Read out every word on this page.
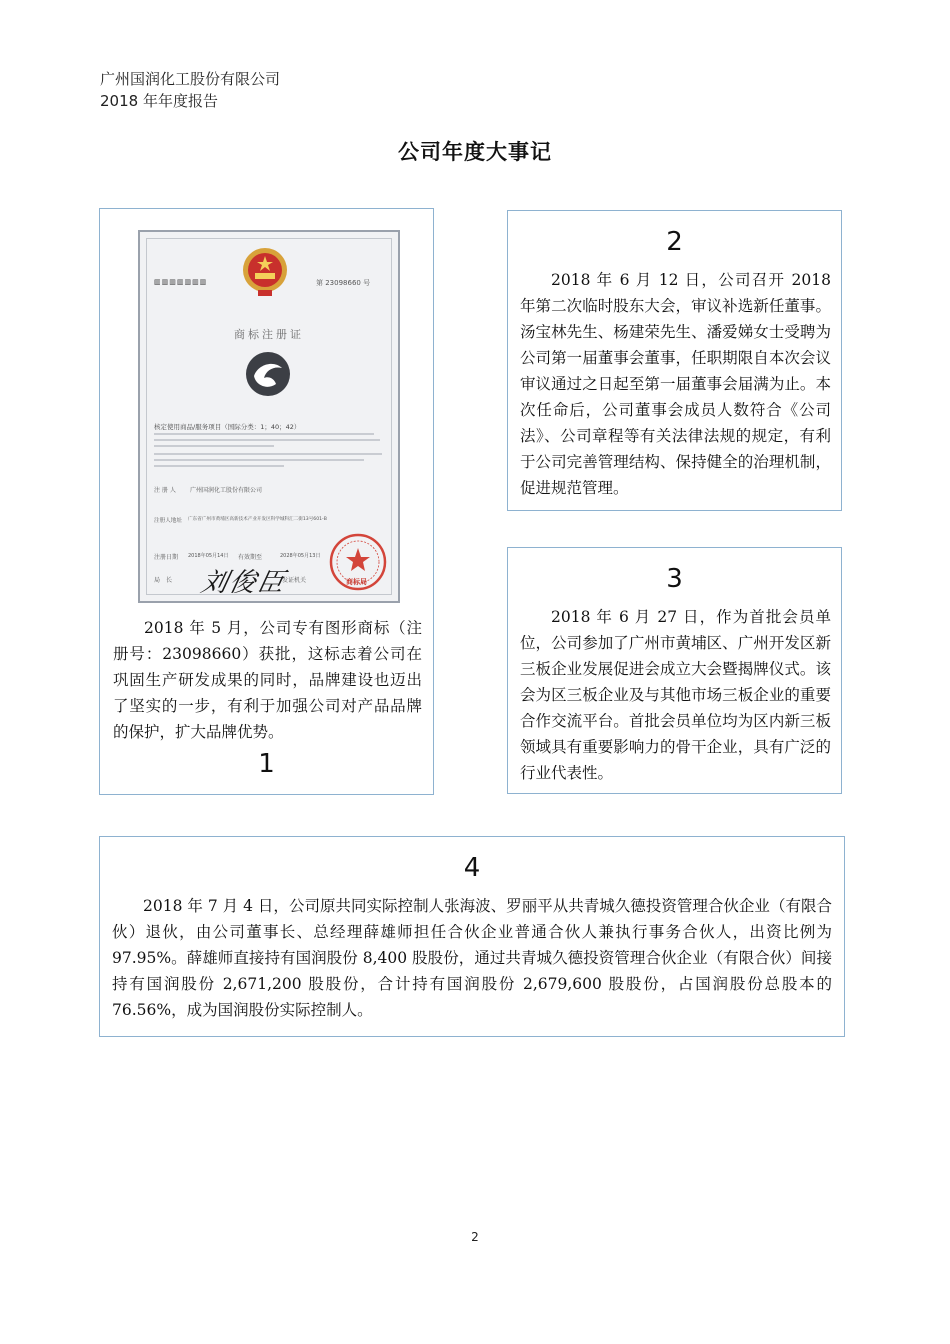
广州国润化工股份有限公司
2018 年年度报告
公司年度大事记
▥▥▥▥▥▥▥	第 23098660 号
商标注册证
核定使用商品/服务项目（国际分类：1；40；42）
注 册 人 广州国润化工股份有限公司
注册人地址 广东省广州市黄埔区高新技术产业开发区科学城科汇二街13号601-B
注册日期 2018年05月14日 有效期至	2028年05月13日
局　长 刘俊臣
发证机关	商标局

2018 年 5 月，公司专有图形商标（注册号：23098660）获批，这标志着公司在巩固生产研发成果的同时，品牌建设也迈出了坚实的一步，有利于加强公司对产品品牌的保护，扩大品牌优势。

1
2

2018 年 6 月 12 日，公司召开 2018 年第二次临时股东大会，审议补选新任董事。汤宝林先生、杨建荣先生、潘爱娣女士受聘为公司第一届董事会董事，任职期限自本次会议审议通过之日起至第一届董事会届满为止。本次任命后，公司董事会成员人数符合《公司法》、公司章程等有关法律法规的规定，有利于公司完善管理结构、保持健全的治理机制，促进规范管理。

3

2018 年 6 月 27 日，作为首批会员单位，公司参加了广州市黄埔区、广州开发区新三板企业发展促进会成立大会暨揭牌仪式。该会为区三板企业及与其他市场三板企业的重要合作交流平台。首批会员单位均为区内新三板领域具有重要影响力的骨干企业，具有广泛的行业代表性。

4

2018 年 7 月 4 日，公司原共同实际控制人张海波、罗丽平从共青城久德投资管理合伙企业（有限合伙）退伙，由公司董事长、总经理薛雄师担任合伙企业普通合伙人兼执行事务合伙人，出资比例为 97.95%。薛雄师直接持有国润股份 8,400 股股份，通过共青城久德投资管理合伙企业（有限合伙）间接持有国润股份 2,671,200 股股份，合计持有国润股份 2,679,600 股股份，占国润股份总股本的 76.56%，成为国润股份实际控制人。

2
